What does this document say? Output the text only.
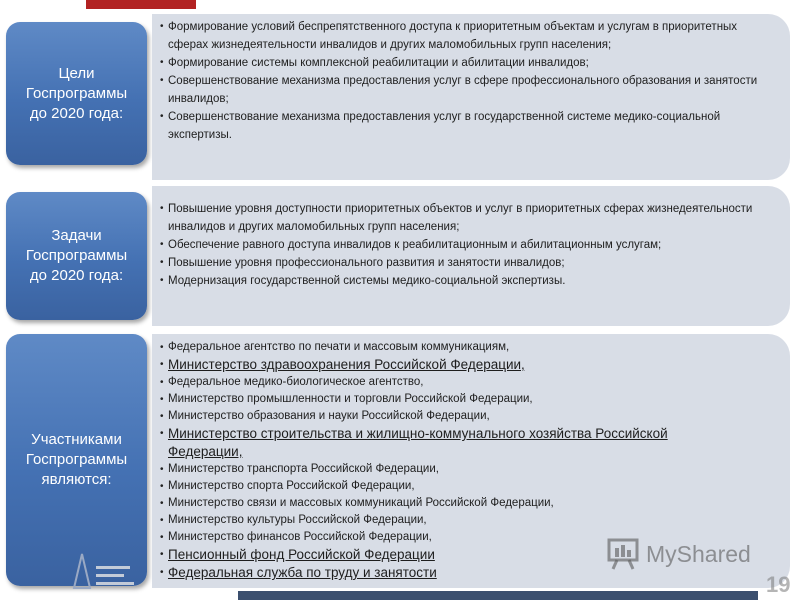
Цели
Госпрограммы
до 2020 года:
• Формирование условий беспрепятственного доступа к приоритетным объектам и услугам в приоритетных сферах жизнедеятельности инвалидов и других маломобильных групп населения;
• Формирование системы комплексной реабилитации и абилитации инвалидов;
• Совершенствование механизма предоставления услуг в сфере профессионального образования и занятости инвалидов;
• Совершенствование механизма предоставления услуг в государственной системе медико-социальной экспертизы.
Задачи
Госпрограммы
до 2020 года:
• Повышение уровня доступности приоритетных объектов и услуг в приоритетных сферах жизнедеятельности инвалидов и других маломобильных групп населения;
• Обеспечение равного доступа инвалидов к реабилитационным и абилитационным услугам;
• Повышение уровня профессионального развития и занятости инвалидов;
• Модернизация государственной системы медико-социальной экспертизы.
Участниками
Госпрограммы
являются:
• Федеральное агентство по печати и массовым коммуникациям,
• Министерство здравоохранения Российской Федерации,
• Федеральное медико-биологическое агентство,
• Министерство промышленности и торговли Российской Федерации,
• Министерство образования и науки Российской Федерации,
• Министерство строительства и жилищно-коммунального хозяйства Российской Федерации,
• Министерство транспорта Российской Федерации,
• Министерство спорта Российской Федерации,
• Министерство связи и массовых коммуникаций Российской Федерации,
• Министерство культуры Российской Федерации,
• Министерство финансов Российской Федерации,
• Пенсионный фонд Российской Федерации
• Федеральная служба по труду и занятости
MyShared
19
